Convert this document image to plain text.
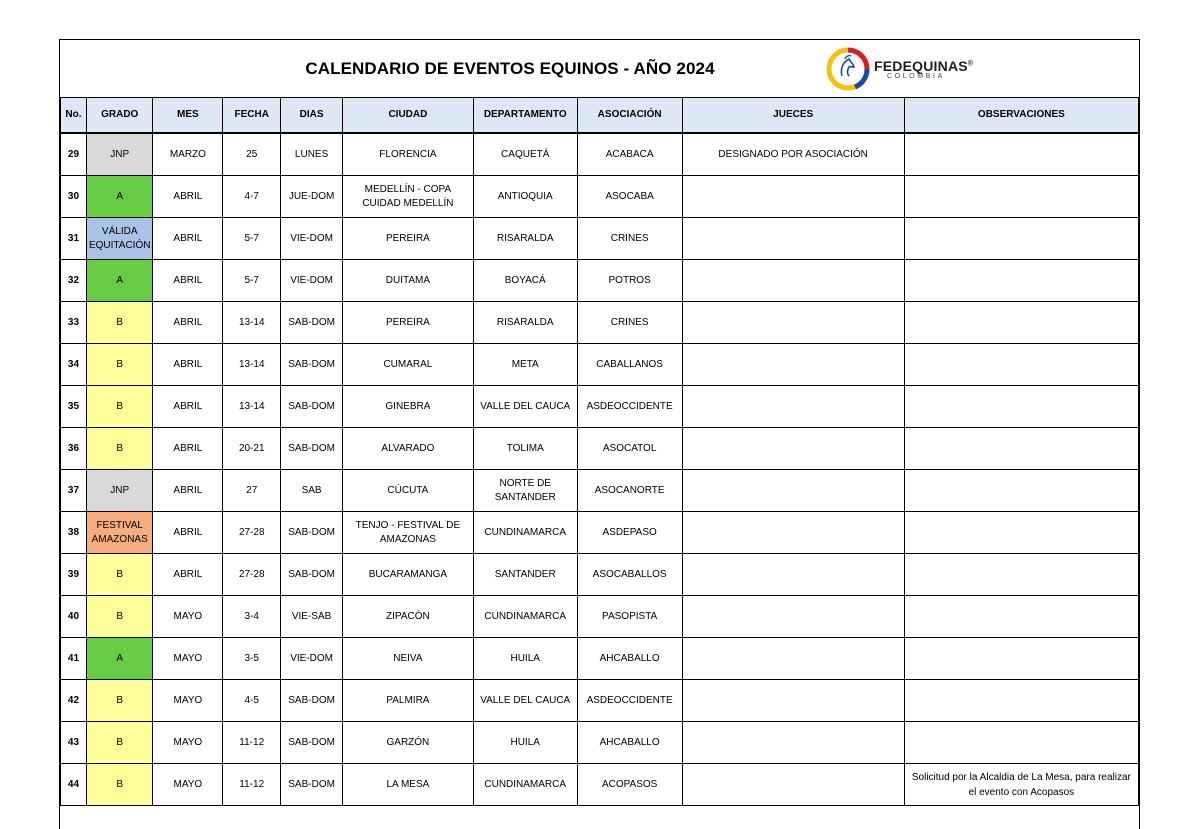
CALENDARIO DE EVENTOS EQUINOS - AÑO 2024	FEDEQUINAS®
COLOMBIA
No.	GRADO	MES	FECHA	DIAS	CIUDAD	DEPARTAMENTO	ASOCIACIÓN	JUECES	OBSERVACIONES
29	JNP	MARZO	25	LUNES	FLORENCIA	CAQUETÁ	ACABACA	DESIGNADO POR ASOCIACIÓN	
30	A	ABRIL	4-7	JUE-DOM	MEDELLÍN - COPA CUIDAD MEDELLÍN	ANTIOQUIA	ASOCABA		
31	VÁLIDA EQUITACIÓN	ABRIL	5-7	VIE-DOM	PEREIRA	RISARALDA	CRINES		
32	A	ABRIL	5-7	VIE-DOM	DUITAMA	BOYACÁ	POTROS		
33	B	ABRIL	13-14	SAB-DOM	PEREIRA	RISARALDA	CRINES		
34	B	ABRIL	13-14	SAB-DOM	CUMARAL	META	CABALLANOS		
35	B	ABRIL	13-14	SAB-DOM	GINEBRA	VALLE DEL CAUCA	ASDEOCCIDENTE		
36	B	ABRIL	20-21	SAB-DOM	ALVARADO	TOLIMA	ASOCATOL		
37	JNP	ABRIL	27	SAB	CÚCUTA	NORTE DE SANTANDER	ASOCANORTE		
38	FESTIVAL AMAZONAS	ABRIL	27-28	SAB-DOM	TENJO - FESTIVAL DE AMAZONAS	CUNDINAMARCA	ASDEPASO		
39	B	ABRIL	27-28	SAB-DOM	BUCARAMANGA	SANTANDER	ASOCABALLOS		
40	B	MAYO	3-4	VIE-SAB	ZIPACÓN	CUNDINAMARCA	PASOPISTA		
41	A	MAYO	3-5	VIE-DOM	NEIVA	HUILA	AHCABALLO		
42	B	MAYO	4-5	SAB-DOM	PALMIRA	VALLE DEL CAUCA	ASDEOCCIDENTE		
43	B	MAYO	11-12	SAB-DOM	GARZÓN	HUILA	AHCABALLO		
44	B	MAYO	11-12	SAB-DOM	LA MESA	CUNDINAMARCA	ACOPASOS		Solicitud por la Alcaldia de La Mesa, para realizar el evento con Acopasos
